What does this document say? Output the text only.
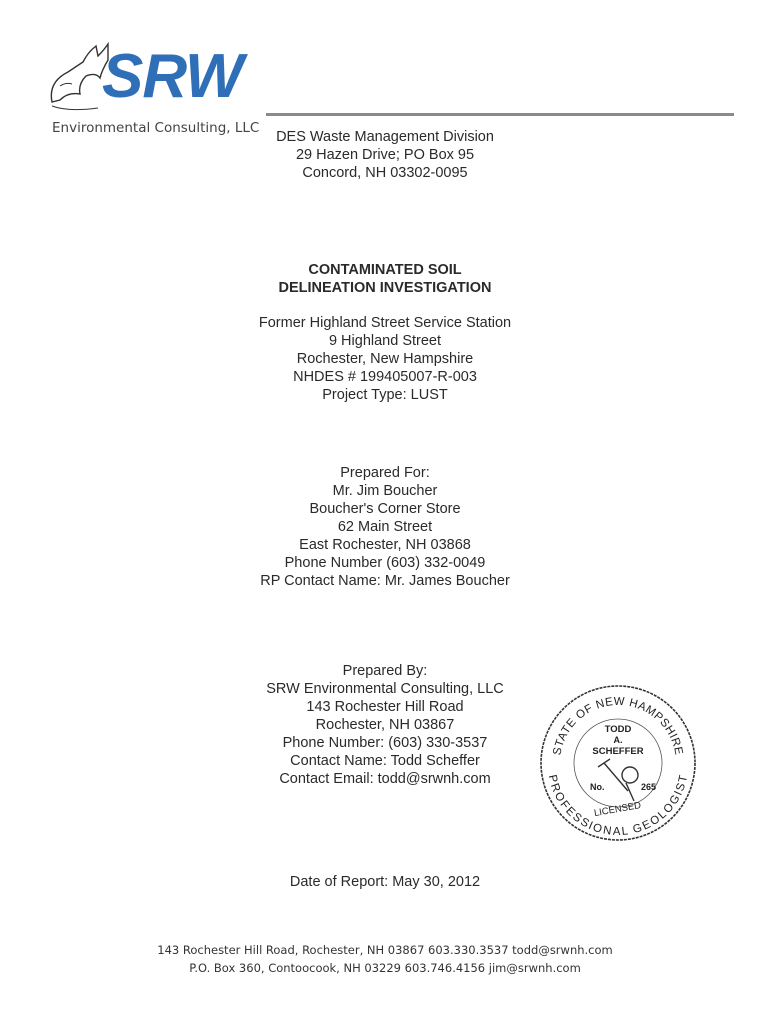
SRW
Environmental Consulting, LLC
DES Waste Management Division
29 Hazen Drive; PO Box 95
Concord, NH 03302-0095
CONTAMINATED SOIL
DELINEATION INVESTIGATION
Former Highland Street Service Station
9 Highland Street
Rochester, New Hampshire
NHDES # 199405007-R-003
Project Type: LUST
Prepared For:
Mr. Jim Boucher
Boucher's Corner Store
62 Main Street
East Rochester, NH 03868
Phone Number (603) 332-0049
RP Contact Name: Mr. James Boucher
Prepared By:
SRW Environmental Consulting, LLC
143 Rochester Hill Road
Rochester, NH 03867
Phone Number: (603) 330-3537
Contact Name: Todd Scheffer
Contact Email: todd@srwnh.com
STATE OF NEW HAMPSHIRE
PROFESSIONAL GEOLOGIST
TODD
A.
SCHEFFER
No.	265
LICENSED
Date of Report: May 30, 2012
143 Rochester Hill Road, Rochester, NH 03867 603.330.3537 todd@srwnh.com
P.O. Box 360, Contoocook, NH 03229 603.746.4156 jim@srwnh.com
